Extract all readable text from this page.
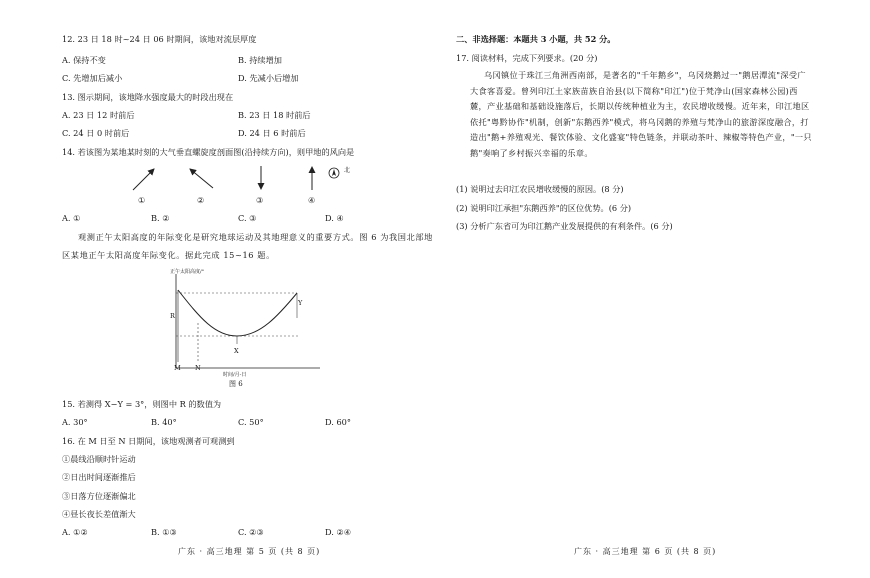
12. 23 日 18 时~24 日 06 时期间，该地对流层厚度
A. 保持不变	B. 持续增加
C. 先增加后减小	D. 先减小后增加
13. 图示期间，该地降水强度最大的时段出现在
A. 23 日 12 时前后	B. 23 日 18 时前后
C. 24 日 0 时前后	D. 24 日 6 时前后
14. 若该图为某地某时刻的大气垂直螺旋度剖面图(沿持续方向)，则甲地的风向是
北
①	②	③	④
A. ①	B. ②	C. ③	D. ④
观测正午太阳高度的年际变化是研究地球运动及其地理意义的重要方式。图 6 为我国北部地
区某地正午太阳高度年际变化。据此完成 15~16 题。
正午太阳高度/°
R
Y
X
M N
时间/月-日
图 6
15. 若测得 X−Y = 3°，则图中 R 的数值为
A. 30°	B. 40°	C. 50°	D. 60°
16. 在 M 日至 N 日期间，该地观测者可观测到
①晨线沿顺时针运动
②日出时间逐渐推后
③日落方位逐渐偏北
④昼长夜长差值渐大
A. ①②	B. ①③	C. ②③	D. ②④
广东 · 高三地理 第 5 页 (共 8 页)
二、非选择题：本题共 3 小题，共 52 分。
17. 阅读材料，完成下列要求。(20 分)
乌冈镇位于珠江三角洲西南部，是著名的"千年鹅乡"，乌冈烧鹅过一"鹅居潭流"深受广大食客喜爱。曾列印江土家族苗族自治县(以下简称"印江")位于梵净山(国家森林公园)西麓，产业基础和基础设施落后，长期以传统种植业为主，农民增收缓慢。近年来，印江地区依托"粤黔协作"机制，创新"东鹅西养"模式，将乌冈鹅的养殖与梵净山的旅游深度融合，打造出"鹅+养殖观光、餐饮体验、文化盛宴"特色链条，并联动茶叶、辣椒等特色产业，"一只鹅"奏响了乡村振兴幸福的乐章。
(1) 说明过去印江农民增收缓慢的原因。(8 分)
(2) 说明印江承担"东鹅西养"的区位优势。(6 分)
(3) 分析广东省可为印江鹅产业发展提供的有利条件。(6 分)
广东 · 高三地理 第 6 页 (共 8 页)
